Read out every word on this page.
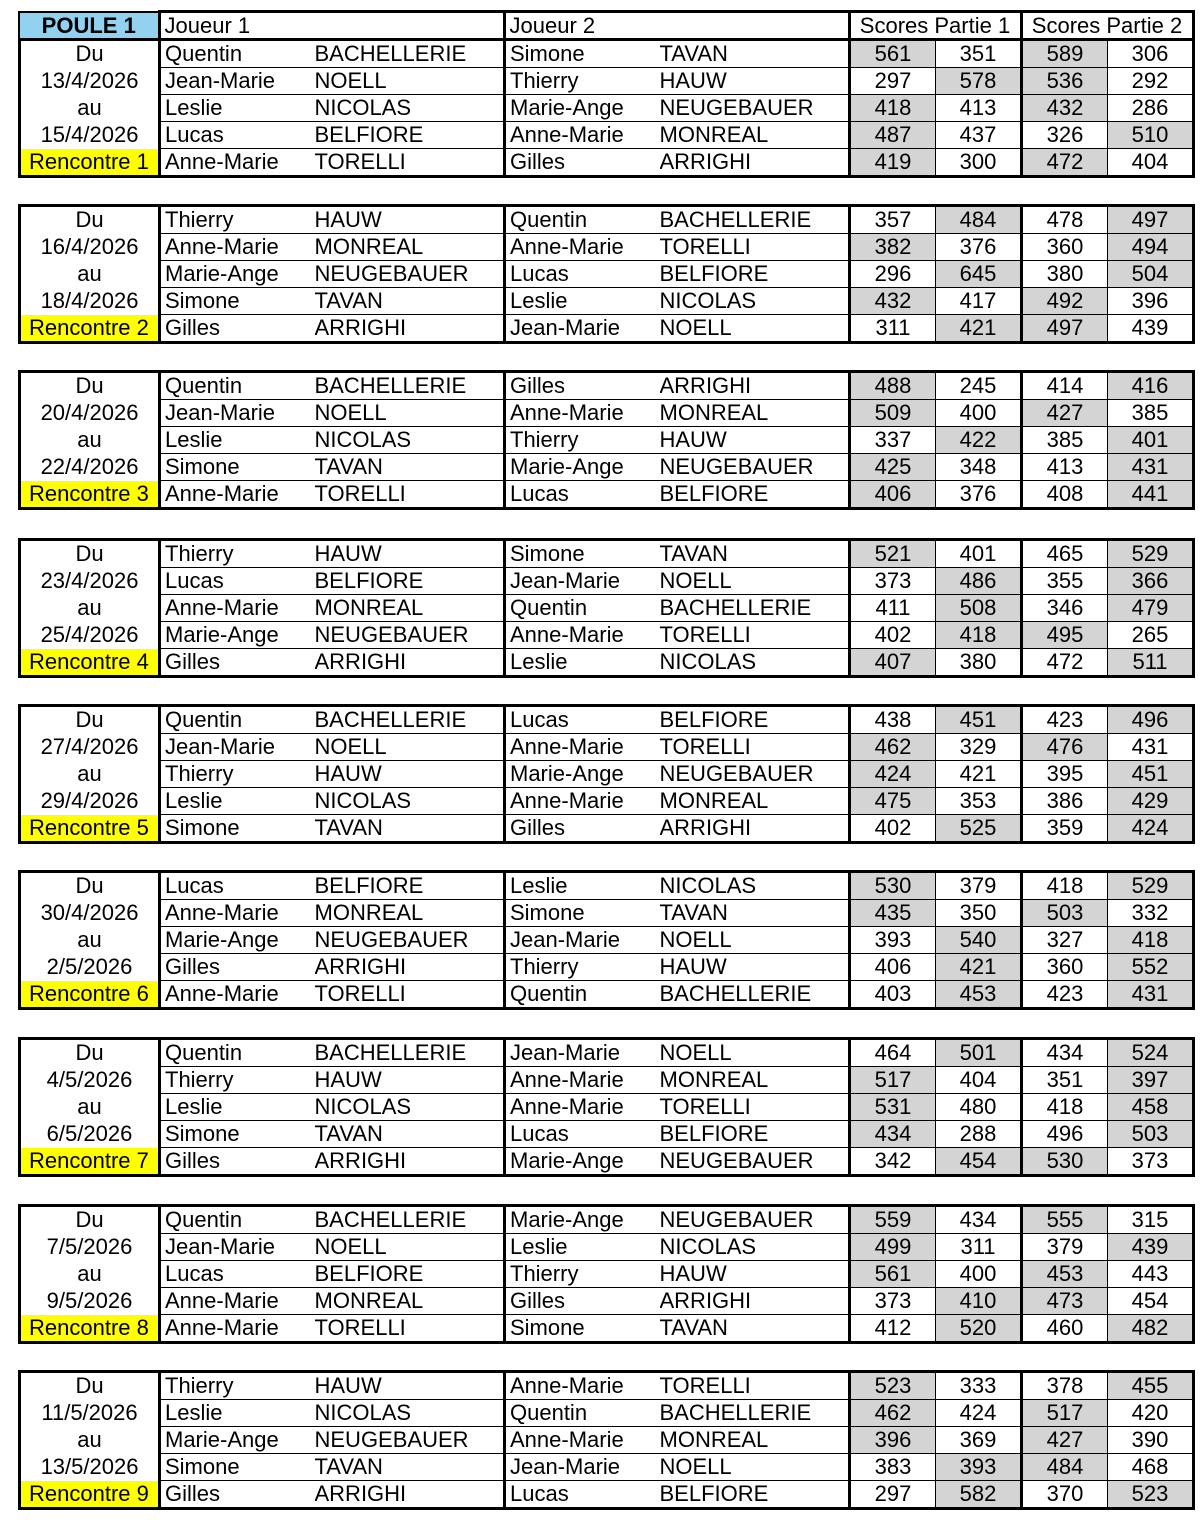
POULE 1	Joueur 1	Joueur 2	Scores Partie 1	Scores Partie 2
Du	Quentin	BACHELLERIE	Simone	TAVAN	561	351	589	306
13/4/2026	Jean-Marie	NOELL	Thierry	HAUW	297	578	536	292
au	Leslie	NICOLAS	Marie-Ange	NEUGEBAUER	418	413	432	286
15/4/2026	Lucas	BELFIORE	Anne-Marie	MONREAL	487	437	326	510
Rencontre 1	Anne-Marie	TORELLI	Gilles	ARRIGHI	419	300	472	404
Du	Thierry	HAUW	Quentin	BACHELLERIE	357	484	478	497
16/4/2026	Anne-Marie	MONREAL	Anne-Marie	TORELLI	382	376	360	494
au	Marie-Ange	NEUGEBAUER	Lucas	BELFIORE	296	645	380	504
18/4/2026	Simone	TAVAN	Leslie	NICOLAS	432	417	492	396
Rencontre 2	Gilles	ARRIGHI	Jean-Marie	NOELL	311	421	497	439
Du	Quentin	BACHELLERIE	Gilles	ARRIGHI	488	245	414	416
20/4/2026	Jean-Marie	NOELL	Anne-Marie	MONREAL	509	400	427	385
au	Leslie	NICOLAS	Thierry	HAUW	337	422	385	401
22/4/2026	Simone	TAVAN	Marie-Ange	NEUGEBAUER	425	348	413	431
Rencontre 3	Anne-Marie	TORELLI	Lucas	BELFIORE	406	376	408	441
Du	Thierry	HAUW	Simone	TAVAN	521	401	465	529
23/4/2026	Lucas	BELFIORE	Jean-Marie	NOELL	373	486	355	366
au	Anne-Marie	MONREAL	Quentin	BACHELLERIE	411	508	346	479
25/4/2026	Marie-Ange	NEUGEBAUER	Anne-Marie	TORELLI	402	418	495	265
Rencontre 4	Gilles	ARRIGHI	Leslie	NICOLAS	407	380	472	511
Du	Quentin	BACHELLERIE	Lucas	BELFIORE	438	451	423	496
27/4/2026	Jean-Marie	NOELL	Anne-Marie	TORELLI	462	329	476	431
au	Thierry	HAUW	Marie-Ange	NEUGEBAUER	424	421	395	451
29/4/2026	Leslie	NICOLAS	Anne-Marie	MONREAL	475	353	386	429
Rencontre 5	Simone	TAVAN	Gilles	ARRIGHI	402	525	359	424
Du	Lucas	BELFIORE	Leslie	NICOLAS	530	379	418	529
30/4/2026	Anne-Marie	MONREAL	Simone	TAVAN	435	350	503	332
au	Marie-Ange	NEUGEBAUER	Jean-Marie	NOELL	393	540	327	418
2/5/2026	Gilles	ARRIGHI	Thierry	HAUW	406	421	360	552
Rencontre 6	Anne-Marie	TORELLI	Quentin	BACHELLERIE	403	453	423	431
Du	Quentin	BACHELLERIE	Jean-Marie	NOELL	464	501	434	524
4/5/2026	Thierry	HAUW	Anne-Marie	MONREAL	517	404	351	397
au	Leslie	NICOLAS	Anne-Marie	TORELLI	531	480	418	458
6/5/2026	Simone	TAVAN	Lucas	BELFIORE	434	288	496	503
Rencontre 7	Gilles	ARRIGHI	Marie-Ange	NEUGEBAUER	342	454	530	373
Du	Quentin	BACHELLERIE	Marie-Ange	NEUGEBAUER	559	434	555	315
7/5/2026	Jean-Marie	NOELL	Leslie	NICOLAS	499	311	379	439
au	Lucas	BELFIORE	Thierry	HAUW	561	400	453	443
9/5/2026	Anne-Marie	MONREAL	Gilles	ARRIGHI	373	410	473	454
Rencontre 8	Anne-Marie	TORELLI	Simone	TAVAN	412	520	460	482
Du	Thierry	HAUW	Anne-Marie	TORELLI	523	333	378	455
11/5/2026	Leslie	NICOLAS	Quentin	BACHELLERIE	462	424	517	420
au	Marie-Ange	NEUGEBAUER	Anne-Marie	MONREAL	396	369	427	390
13/5/2026	Simone	TAVAN	Jean-Marie	NOELL	383	393	484	468
Rencontre 9	Gilles	ARRIGHI	Lucas	BELFIORE	297	582	370	523
